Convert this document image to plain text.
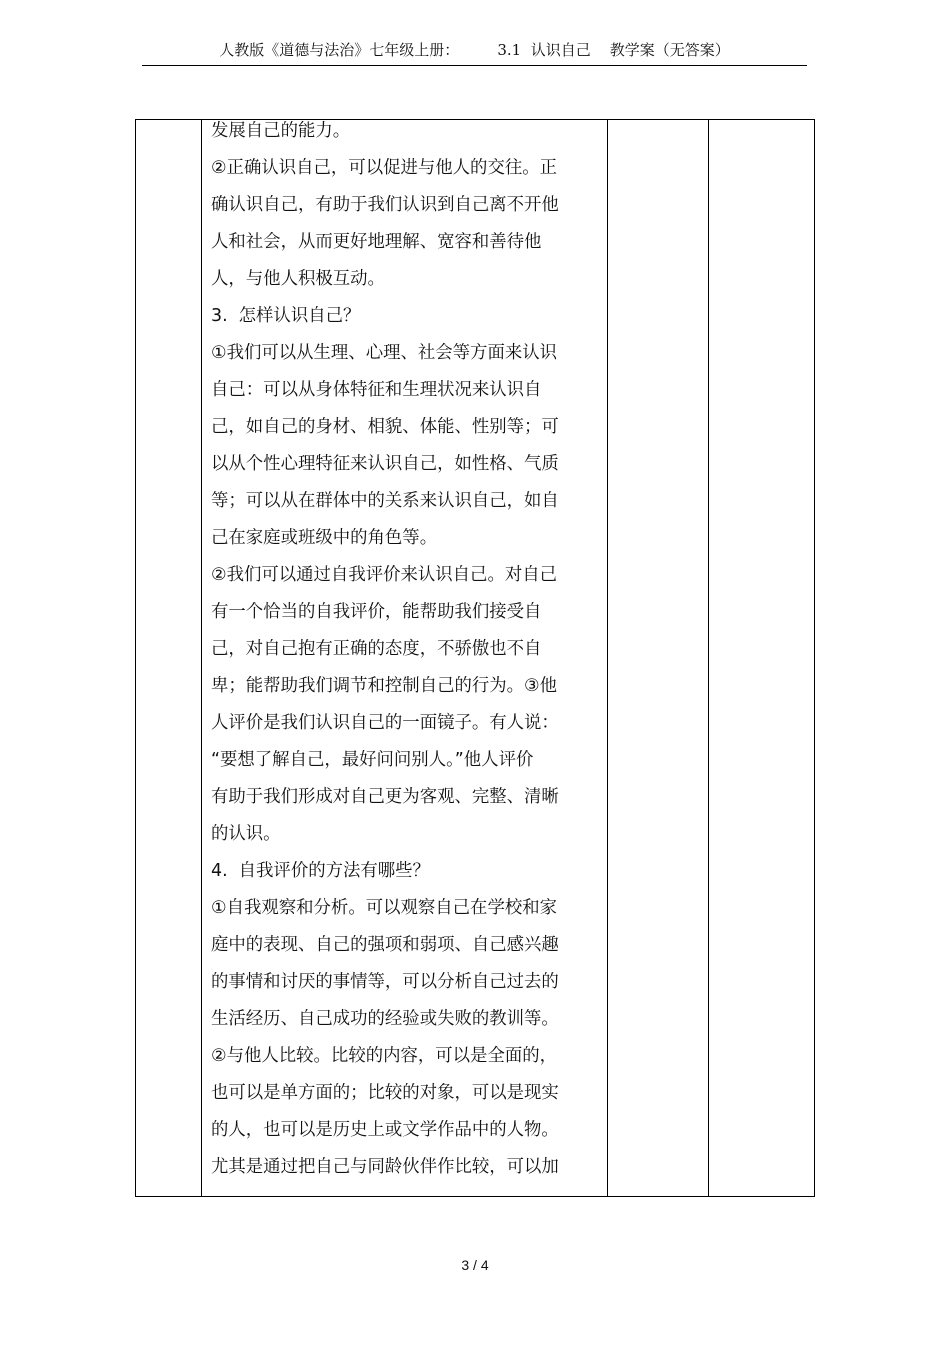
人教版《道德与法治》七年级上册：        3.1  认识自己    教学案（无答案）
发展自己的能力。
②正确认识自己，可以促进与他人的交往。正
确认识自己，有助于我们认识到自己离不开他
人和社会，从而更好地理解、宽容和善待他
人，与他人积极互动。
3.  怎样认识自己？
①我们可以从生理、心理、社会等方面来认识
自己：可以从身体特征和生理状况来认识自
己，如自己的身材、相貌、体能、性别等；可
以从个性心理特征来认识自己，如性格、气质
等；可以从在群体中的关系来认识自己，如自
己在家庭或班级中的角色等。
②我们可以通过自我评价来认识自己。对自己
有一个恰当的自我评价，能帮助我们接受自
己，对自己抱有正确的态度，不骄傲也不自
卑；能帮助我们调节和控制自己的行为。③他
人评价是我们认识自己的一面镜子。有人说：
“要想了解自己，最好问问别人。”他人评价
有助于我们形成对自己更为客观、完整、清晰
的认识。
4.  自我评价的方法有哪些？
①自我观察和分析。可以观察自己在学校和家
庭中的表现、自己的强项和弱项、自己感兴趣
的事情和讨厌的事情等，可以分析自己过去的
生活经历、自己成功的经验或失败的教训等。
②与他人比较。比较的内容，可以是全面的，
也可以是单方面的；比较的对象，可以是现实
的人，也可以是历史上或文学作品中的人物。
尤其是通过把自己与同龄伙伴作比较，可以加
3 / 4
